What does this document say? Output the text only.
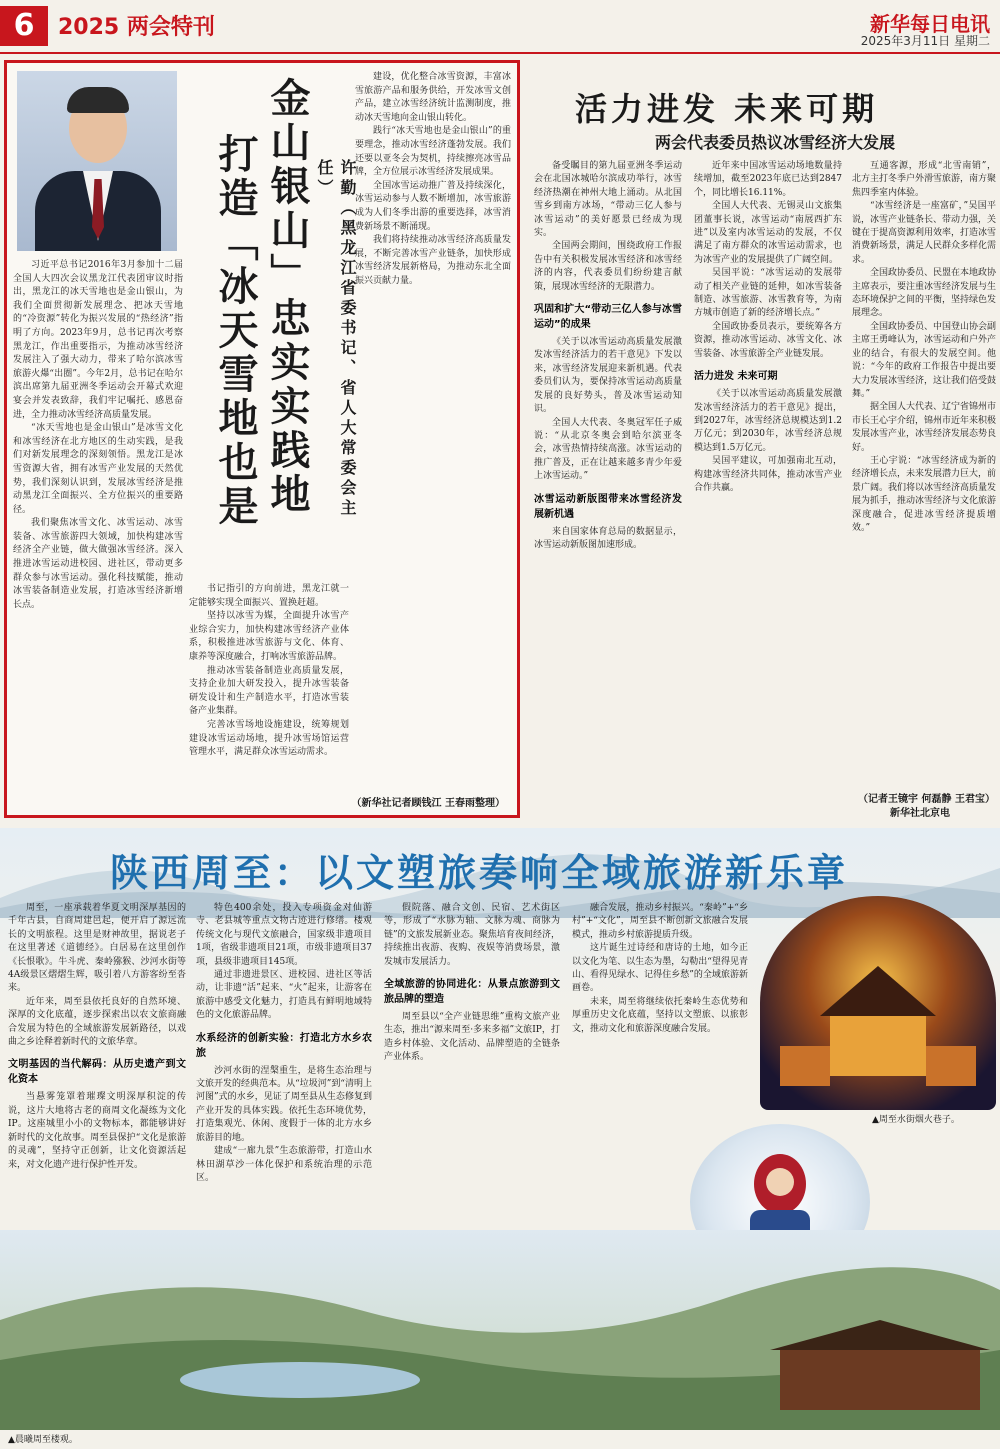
6	2025 两会特刊	新华每日电讯
2025年3月11日 星期二
金山银山」忠实实践地
打造「冰天雪地也是	许勤（黑龙江省委书记、省人大常委会主任）

习近平总书记2016年3月参加十二届全国人大四次会议黑龙江代表团审议时指出，黑龙江的冰天雪地也是金山银山，为我们全面贯彻新发展理念、把冰天雪地的“冷资源”转化为振兴发展的“热经济”指明了方向。2023年9月，总书记再次考察黑龙江，作出重要指示，为推动冰雪经济发展注入了强大动力，带来了哈尔滨冰雪旅游火爆“出圈”。今年2月，总书记在哈尔滨出席第九届亚洲冬季运动会开幕式欢迎宴会并发表致辞，我们牢记嘱托、感恩奋进，全力推动冰雪经济高质量发展。

“冰天雪地也是金山银山”是冰雪文化和冰雪经济在北方地区的生动实践，是我们对新发展理念的深刻领悟。黑龙江是冰雪资源大省，拥有冰雪产业发展的天然优势，我们深刻认识到，发展冰雪经济是推动黑龙江全面振兴、全方位振兴的重要路径。

我们聚焦冰雪文化、冰雪运动、冰雪装备、冰雪旅游四大领域，加快构建冰雪经济全产业链，做大做强冰雪经济。深入推进冰雪运动进校园、进社区，带动更多群众参与冰雪运动。强化科技赋能，推动冰雪装备制造业发展，打造冰雪经济新增长点。

书记指引的方向前进，黑龙江就一定能够实现全面振兴、置换赶超。

坚持以冰雪为媒，全面提升冰雪产业综合实力，加快构建冰雪经济产业体系，积极推进冰雪旅游与文化、体育、康养等深度融合，打响冰雪旅游品牌。

推动冰雪装备制造业高质量发展，支持企业加大研发投入，提升冰雪装备研发设计和生产制造水平，打造冰雪装备产业集群。

完善冰雪场地设施建设，统筹规划建设冰雪运动场地，提升冰雪场馆运营管理水平，满足群众冰雪运动需求。

建设，优化整合冰雪资源，丰富冰雪旅游产品和服务供给，开发冰雪文创产品，建立冰雪经济统计监测制度，推动冰天雪地向金山银山转化。

践行“冰天雪地也是金山银山”的重要理念，推动冰雪经济蓬勃发展。我们还要以亚冬会为契机，持续擦亮冰雪品牌，全方位展示冰雪经济发展成果。

全国冰雪运动推广普及持续深化，冰雪运动参与人数不断增加，冰雪旅游成为人们冬季出游的重要选择，冰雪消费新场景不断涌现。

我们将持续推动冰雪经济高质量发展，不断完善冰雪产业链条，加快形成冰雪经济发展新格局，为推动东北全面振兴贡献力量。

（新华社记者顾钱江 王春雨整理）
活力进发 未来可期
两会代表委员热议冰雪经济大发展

备受瞩目的第九届亚洲冬季运动会在北国冰城哈尔滨成功举行，冰雪经济热潮在神州大地上涌动。从北国雪乡到南方冰场，“带动三亿人参与冰雪运动”的美好愿景已经成为现实。

全国两会期间，围绕政府工作报告中有关积极发展冰雪经济和冰雪经济的内容，代表委员们纷纷建言献策，展现冰雪经济的无限潜力。

巩固和扩大“带动三亿人参与冰雪运动”的成果

《关于以冰雪运动高质量发展激发冰雪经济活力的若干意见》下发以来，冰雪经济发展迎来新机遇。代表委员们认为，要保持冰雪运动高质量发展的良好势头，普及冰雪运动知识。

全国人大代表、冬奥冠军任子威说：“从北京冬奥会到哈尔滨亚冬会，冰雪热情持续高涨。冰雪运动的推广普及，正在让越来越多青少年爱上冰雪运动。”

冰雪运动新版图带来冰雪经济发展新机遇

来自国家体育总局的数据显示，冰雪运动新版图加速形成。

近年来中国冰雪运动场地数量持续增加，截至2023年底已达到2847个，同比增长16.11%。

全国人大代表、无锡灵山文旅集团董事长说，冰雪运动“南展西扩东进”以及室内冰雪运动的发展，不仅满足了南方群众的冰雪运动需求，也为冰雪产业的发展提供了广阔空间。

吴国平说：“冰雪运动的发展带动了相关产业链的延伸，如冰雪装备制造、冰雪旅游、冰雪教育等，为南方城市创造了新的经济增长点。”

全国政协委员表示，要统筹各方资源，推动冰雪运动、冰雪文化、冰雪装备、冰雪旅游全产业链发展。

活力进发 未来可期

《关于以冰雪运动高质量发展激发冰雪经济活力的若干意见》提出，到2027年，冰雪经济总规模达到1.2万亿元；到2030年，冰雪经济总规模达到1.5万亿元。

吴国平建议，可加强南北互动，构建冰雪经济共同体，推动冰雪产业合作共赢。

互通客源，形成“北雪南销”，北方主打冬季户外滑雪旅游，南方聚焦四季室内体验。

“冰雪经济是一座富矿，”吴国平说，冰雪产业链条长、带动力强，关键在于提高资源利用效率，打造冰雪消费新场景，满足人民群众多样化需求。

全国政协委员、民盟在本地政协主席表示，要注重冰雪经济发展与生态环境保护之间的平衡，坚持绿色发展理念。

全国政协委员、中国登山协会副主席王勇峰认为，冰雪运动和户外产业的结合，有很大的发展空间。他说：“今年的政府工作报告中提出要大力发展冰雪经济，这让我们倍受鼓舞。”

据全国人大代表、辽宁省锦州市市长王心宇介绍，锦州市近年来积极发展冰雪产业，冰雪经济发展态势良好。

王心宇说：“冰雪经济成为新的经济增长点，未来发展潜力巨大，前景广阔。我们将以冰雪经济高质量发展为抓手，推动冰雪经济与文化旅游深度融合，促进冰雪经济提质增效。”

（记者王镜宇 何磊静 王君宝）
新华社北京电
陕西周至：以文塑旅奏响全域旅游新乐章

周至，一座承载着华夏文明深厚基因的千年古县，自商周建邑起，便开启了源远流长的文明旅程。这里是财神故里，据说老子在这里著述《道德经》。白居易在这里创作《长恨歌》。牛斗虎、秦岭猕猴、沙河水街等4A级景区熠熠生辉，吸引着八方游客纷至沓来。

近年来，周至县依托良好的自然环境、深厚的文化底蕴，逐步探索出以农文旅商融合发展为特色的全域旅游发展新路径，以戏曲之乡诠释着新时代的文旅华章。

文明基因的当代解码：从历史遗产到文化资本

当悬雾笼罩着璀璨文明深厚积淀的传说，这片大地将古老的商周文化凝练为文化IP。这座城里小小的文物标本，都能够讲好新时代的文化故事。周至县保护“文化是旅游的灵魂”，坚持守正创新，让文化资源活起来，对文化遗产进行保护性开发。

特色400余处，投入专项资金对仙游寺、老县城等重点文物古迹进行修缮。楼观传统文化与现代文旅融合，国家级非遗项目1项，省级非遗项目21项，市级非遗项目37项，县级非遗项目145项。

通过非遗进景区、进校园、进社区等活动，让非遗“活”起来、“火”起来，让游客在旅游中感受文化魅力，打造具有鲜明地域特色的文化旅游品牌。

水系经济的创新实验：打造北方水乡农旅

沙河水街的涅槃重生，是将生态治理与文旅开发的经典范本。从“垃圾河”到“清明上河图”式的水乡，见证了周至县从生态修复到产业开发的具体实践。依托生态环境优势，打造集观光、休闲、度假于一体的北方水乡旅游目的地。

建成“一廊九景”生态旅游带，打造山水林田湖草沙一体化保护和系统治理的示范区。

假院落、融合文创、民宿、艺术街区等，形成了“水脉为轴、文脉为魂、商脉为链”的文旅发展新业态。聚焦培育夜间经济，持续推出夜游、夜购、夜娱等消费场景，激发城市发展活力。

全域旅游的协同进化：从景点旅游到文旅品牌的塑造

周至县以“全产业链思维”重构文旅产业生态，推出“源来周至·多来多福”文旅IP，打造乡村体验、文化活动、品牌塑造的全链条产业体系。

融合发展，推动乡村振兴。“秦岭”+“乡村”+“文化”，周至县不断创新文旅融合发展模式，推动乡村旅游提质升级。

这片诞生过诗经和唐诗的土地，如今正以文化为笔、以生态为墨，勾勒出“望得见青山、看得见绿水、记得住乡愁”的全域旅游新画卷。

未来，周至将继续依托秦岭生态优势和厚重历史文化底蕴，坚持以文塑旅、以旅彰文，推动文化和旅游深度融合发展。

▲周至水街烟火巷子。
▲晨曦周至楼观。
